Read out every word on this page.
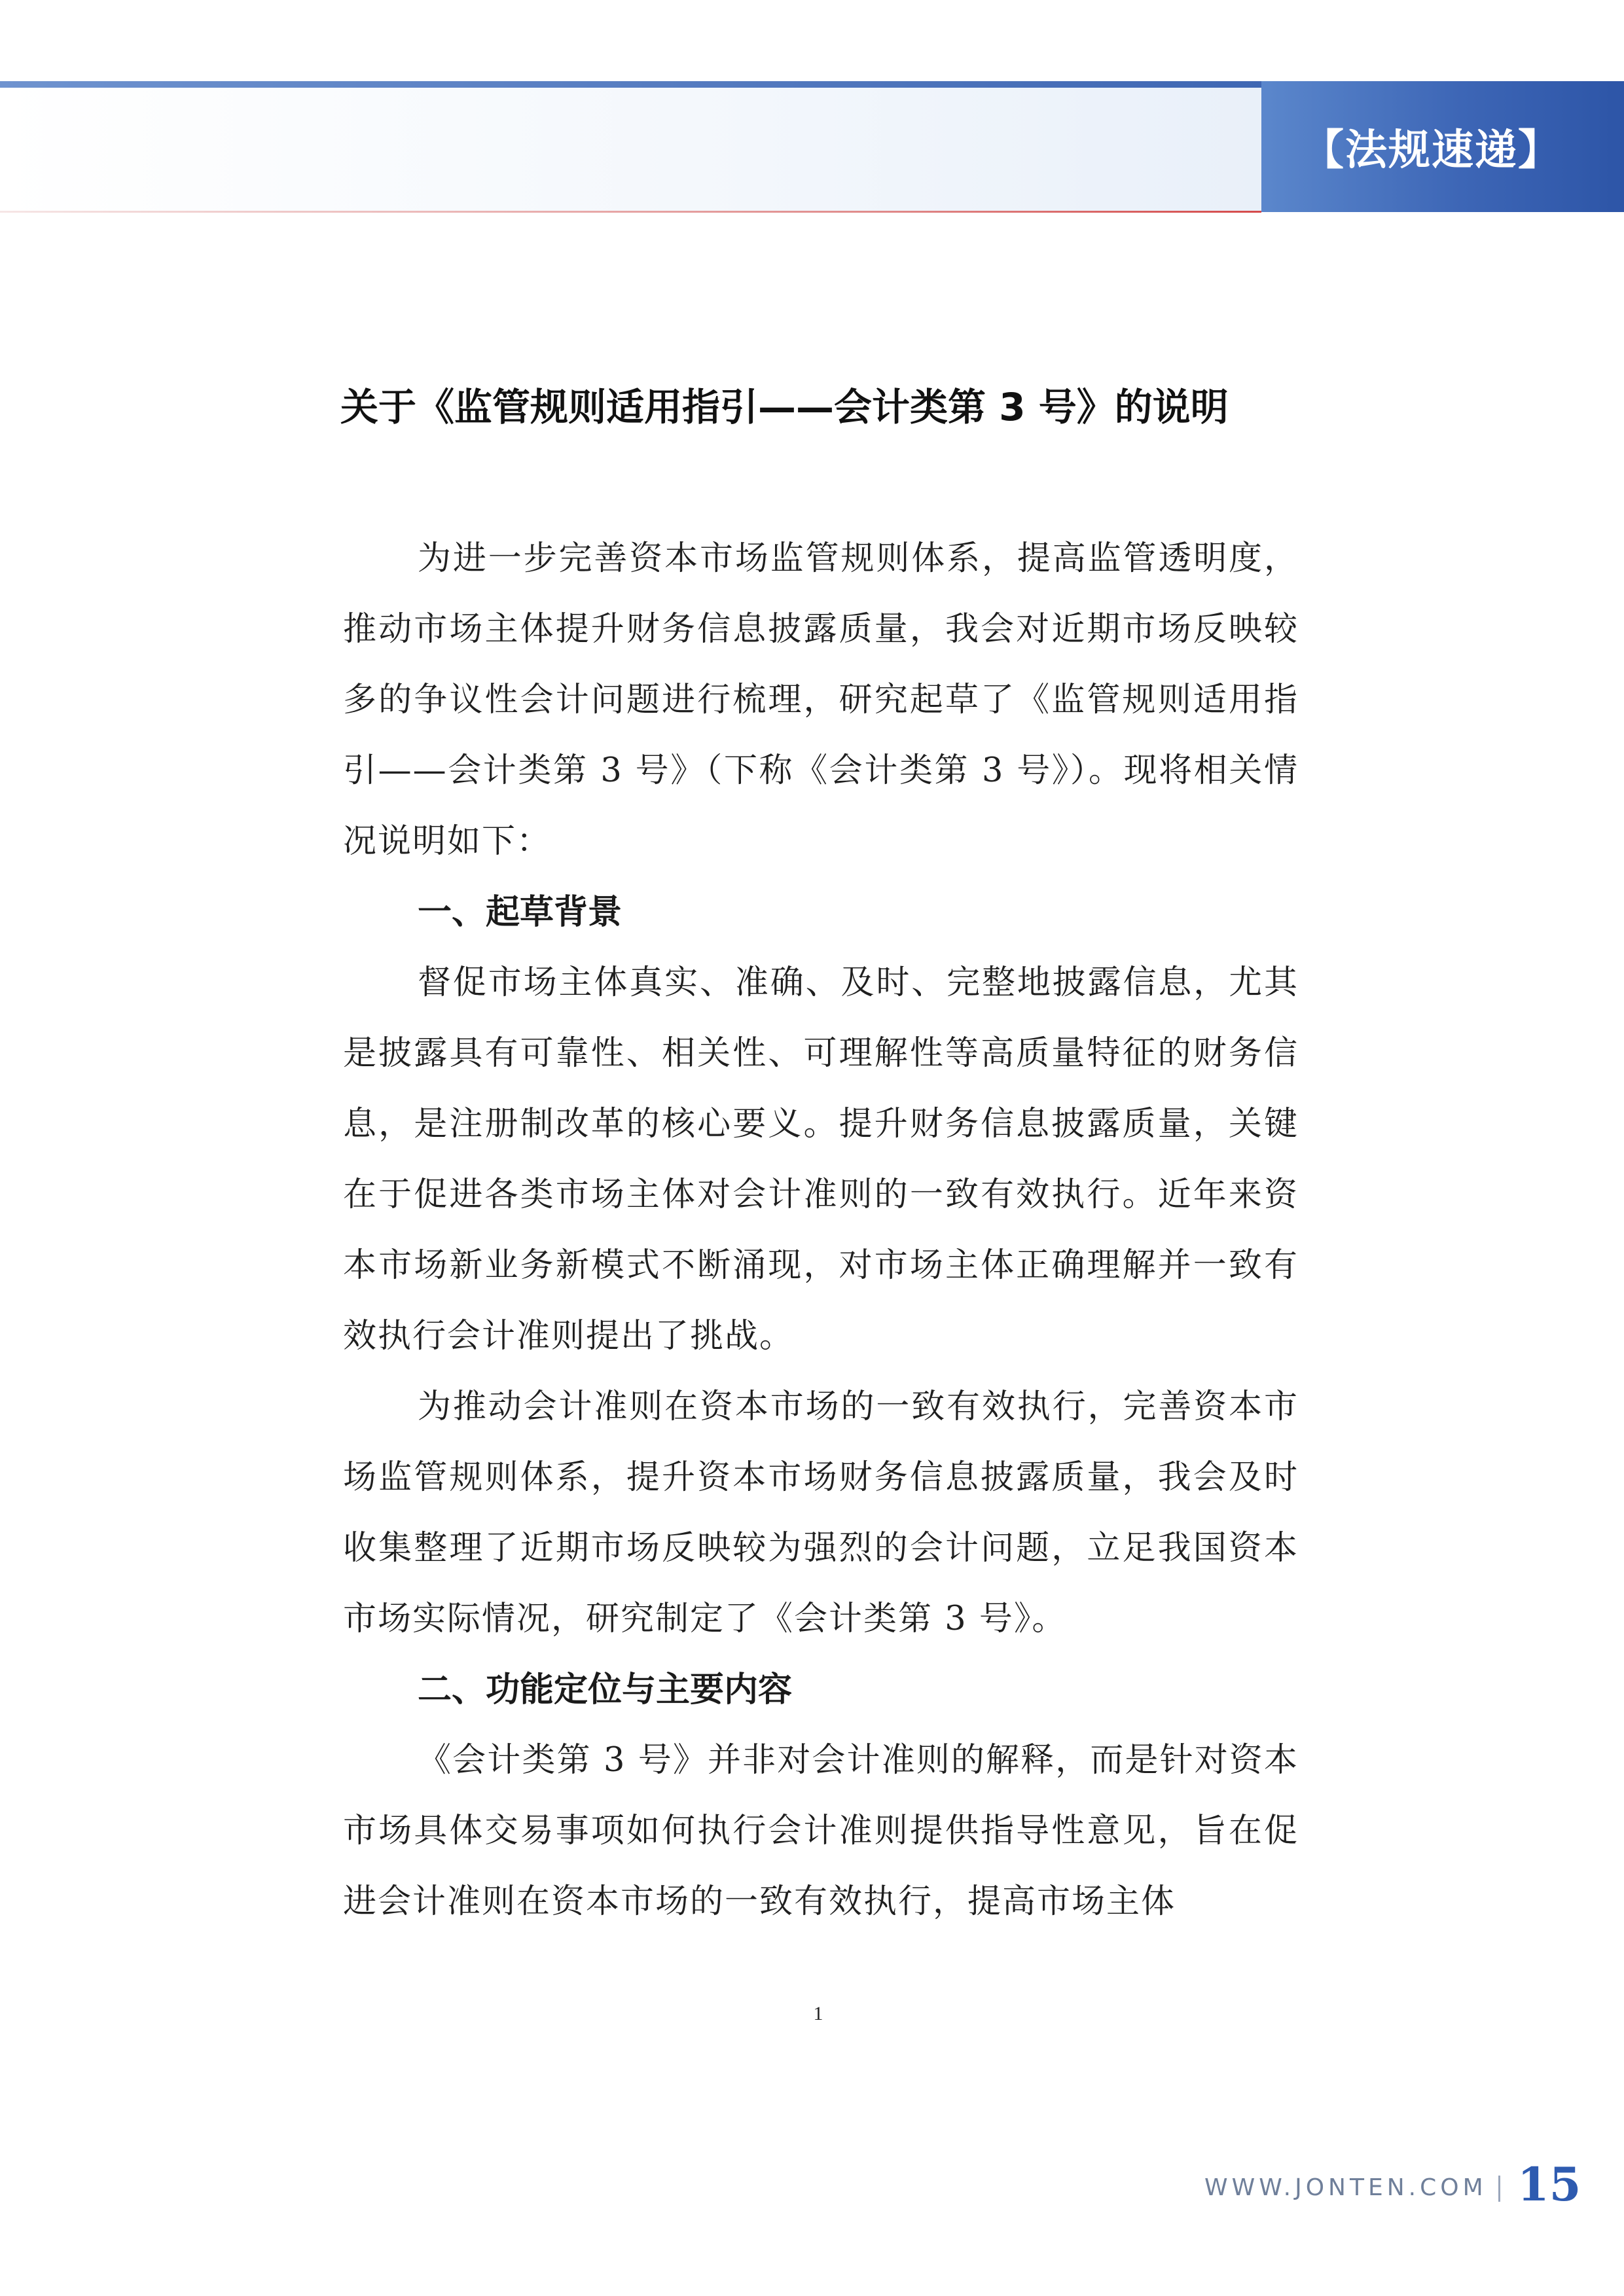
【法规速递】
关于《监管规则适用指引——会计类第 3 号》的说明

为进一步完善资本市场监管规则体系，提高监管透明度，推动市场主体提升财务信息披露质量，我会对近期市场反映较多的争议性会计问题进行梳理，研究起草了《监管规则适用指引——会计类第 3 号》（下称《会计类第 3 号》）。现将相关情况说明如下：

一、起草背景

督促市场主体真实、准确、及时、完整地披露信息，尤其是披露具有可靠性、相关性、可理解性等高质量特征的财务信息，是注册制改革的核心要义。提升财务信息披露质量，关键在于促进各类市场主体对会计准则的一致有效执行。近年来资本市场新业务新模式不断涌现，对市场主体正确理解并一致有效执行会计准则提出了挑战。

为推动会计准则在资本市场的一致有效执行，完善资本市场监管规则体系，提升资本市场财务信息披露质量，我会及时收集整理了近期市场反映较为强烈的会计问题，立足我国资本市场实际情况，研究制定了《会计类第 3 号》。

二、功能定位与主要内容

《会计类第 3 号》并非对会计准则的解释，而是针对资本市场具体交易事项如何执行会计准则提供指导性意见，旨在促进会计准则在资本市场的一致有效执行，提高市场主体

1
WWW.JONTEN.COM 15
